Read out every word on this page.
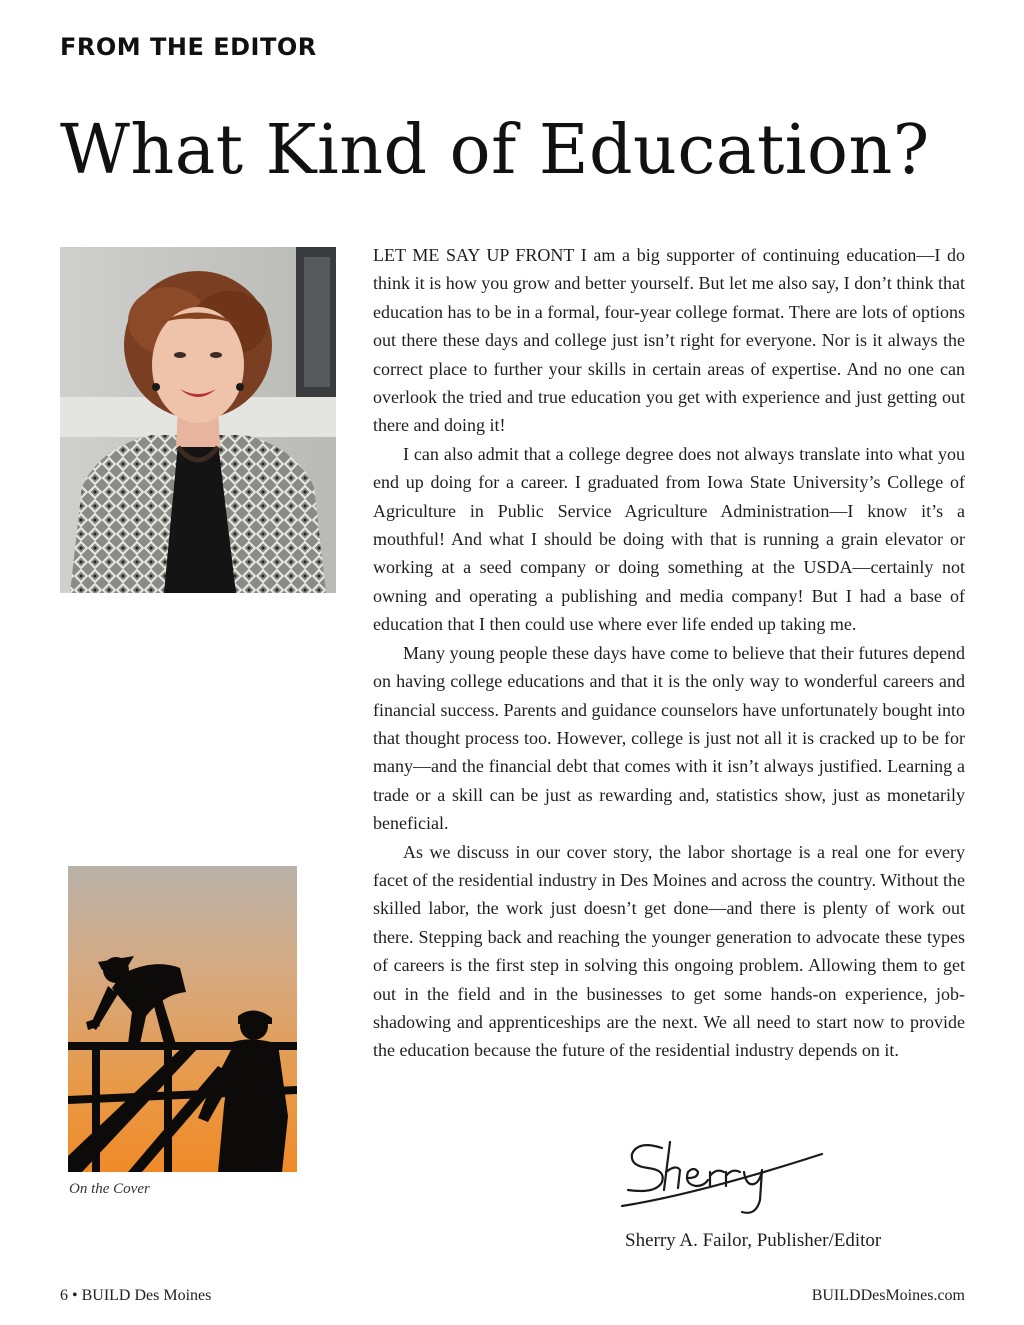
FROM THE EDITOR
What Kind of Education?
On the Cover

LET ME SAY UP FRONT I am a big supporter of continuing education—I do think it is how you grow and better yourself. But let me also say, I don’t think that education has to be in a formal, four-year college format. There are lots of options out there these days and college just isn’t right for everyone. Nor is it always the correct place to further your skills in certain areas of expertise. And no one can overlook the tried and true education you get with experience and just getting out there and doing it!

I can also admit that a college degree does not always translate into what you end up doing for a career. I graduated from Iowa State University’s College of Agriculture in Public Service Agriculture Administration—I know it’s a mouthful! And what I should be doing with that is running a grain elevator or working at a seed company or doing something at the USDA—certainly not owning and operating a publishing and media company! But I had a base of education that I then could use where ever life ended up taking me.

Many young people these days have come to believe that their futures depend on having college educations and that it is the only way to wonderful careers and financial success. Parents and guidance counselors have unfortunately bought into that thought process too. However, college is just not all it is cracked up to be for many—and the financial debt that comes with it isn’t always justified. Learning a trade or a skill can be just as rewarding and, statistics show, just as monetarily beneficial.

As we discuss in our cover story, the labor shortage is a real one for every facet of the residential industry in Des Moines and across the country. Without the skilled labor, the work just doesn’t get done—and there is plenty of work out there. Stepping back and reaching the younger generation to advocate these types of careers is the first step in solving this ongoing problem. Allowing them to get out in the field and in the businesses to get some hands-on experience, job-shadowing and apprenticeships are the next. We all need to start now to provide the education because the future of the residential industry depends on it.

Sherry A. Failor, Publisher/Editor
6 • BUILD Des Moines	BUILDDesMoines.com
